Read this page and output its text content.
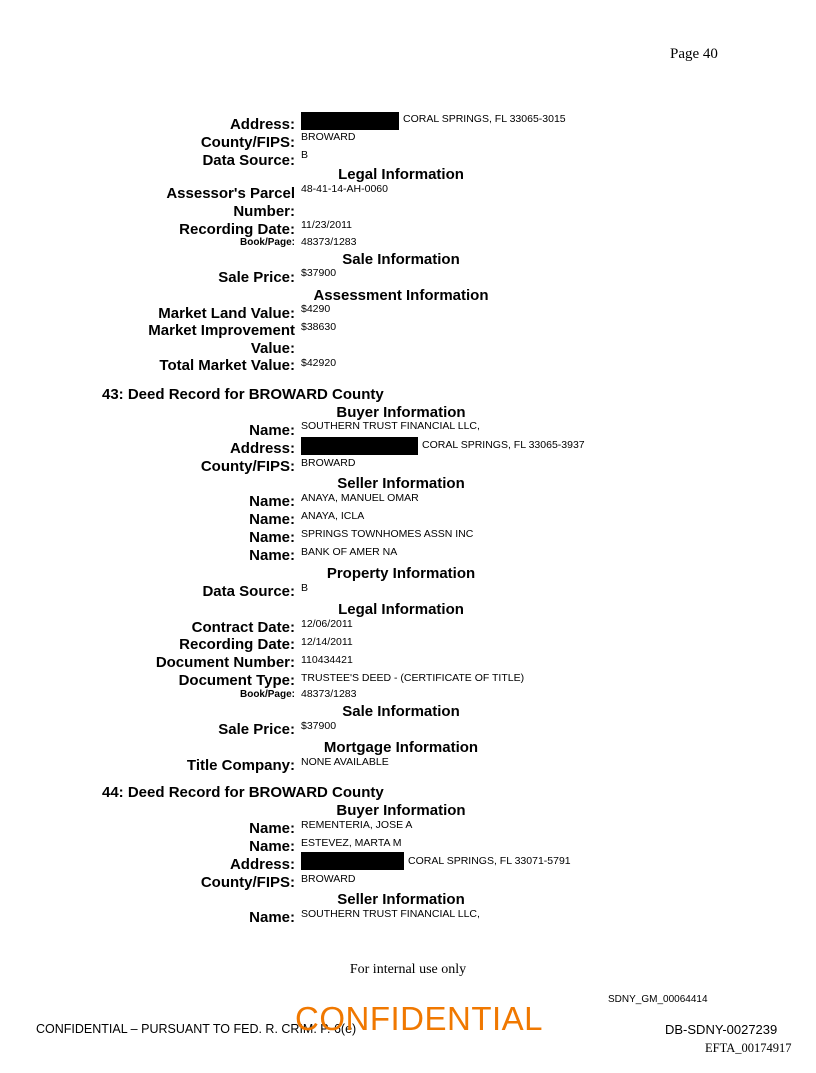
Page 40
Address:	CORAL SPRINGS, FL 33065-3015
County/FIPS: BROWARD
Data Source: B
Legal Information
Assessor's Parcel Number:
48-41-14-AH-0060
Recording Date: 11/23/2011
Book/Page: 48373/1283
Sale Information
Sale Price: $37900
Assessment Information
Market Land Value: $4290
Market Improvement Value:
$38630
Total Market Value: $42920
43: Deed Record for BROWARD County
Buyer Information
Name: SOUTHERN TRUST FINANCIAL LLC,
Address:	CORAL SPRINGS, FL 33065-3937
County/FIPS: BROWARD
Seller Information
Name: ANAYA, MANUEL OMAR
Name: ANAYA, ICLA
Name: SPRINGS TOWNHOMES ASSN INC
Name: BANK OF AMER NA
Property Information
Data Source: B
Legal Information
Contract Date: 12/06/2011
Recording Date: 12/14/2011
Document Number: 110434421
Document Type: TRUSTEE'S DEED - (CERTIFICATE OF TITLE)
Book/Page: 48373/1283
Sale Information
Sale Price: $37900
Mortgage Information
Title Company: NONE AVAILABLE
44: Deed Record for BROWARD County
Buyer Information
Name: REMENTERIA, JOSE A
Name: ESTEVEZ, MARTA M
Address:	CORAL SPRINGS, FL 33071-5791
County/FIPS: BROWARD
Seller Information
Name: SOUTHERN TRUST FINANCIAL LLC,
For internal use only
SDNY_GM_00064414
CONFIDENTIAL – PURSUANT TO FED. R. CRIM. P. 6(e)
CONFIDENTIAL	DB-SDNY-0027239
EFTA_00174917
